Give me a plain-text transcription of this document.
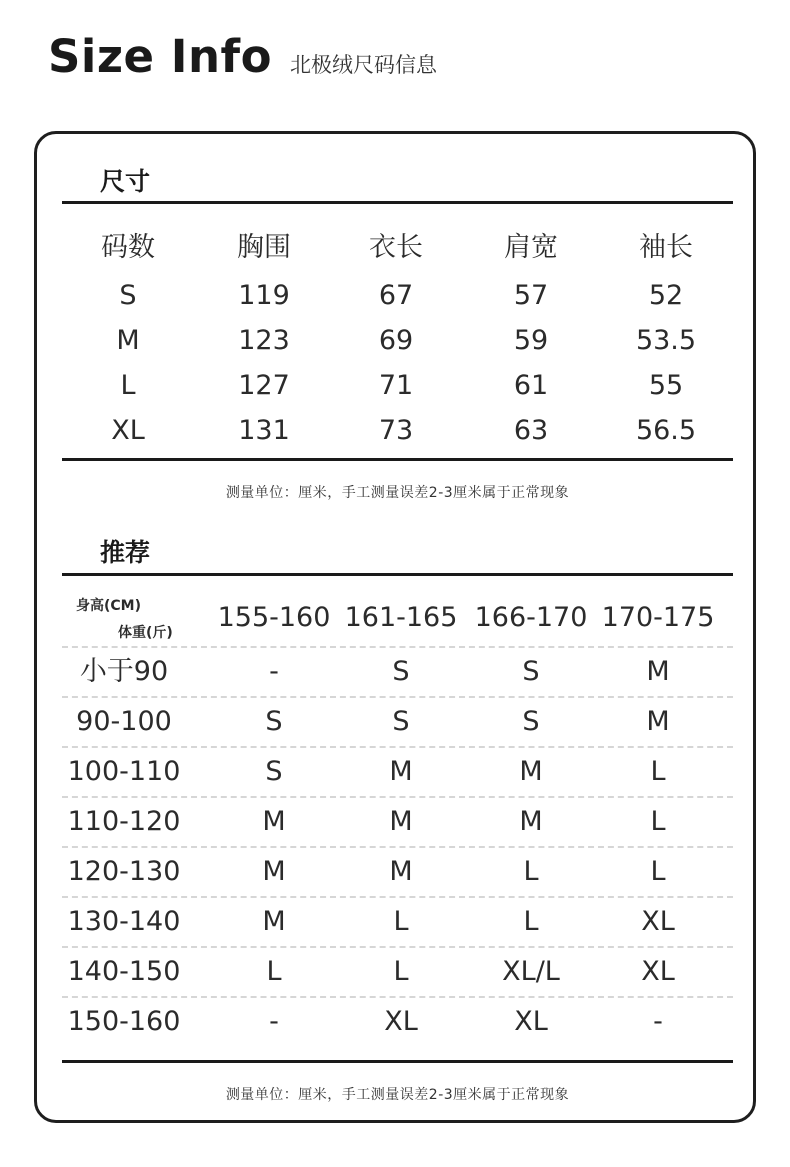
Size Info 北极绒尺码信息
尺寸
码数	胸围	衣长	肩宽	袖长
S	119	67	57	52
M	123	69	59	53.5
L	127	71	61	55
XL	131	73	63	56.5
测量单位：厘米，手工测量误差2-3厘米属于正常现象
推荐
身高(CM)
体重(斤)	155-160 161-165 166-170 170-175
小于90	-	S	S	M
90-100	S	S	S	M
100-110	S	M	M	L
110-120	M	M	M	L
120-130	M	M	L	L
130-140	M	L	L	XL
140-150	L	L	XL/L	XL
150-160	-	XL	XL	-
测量单位：厘米，手工测量误差2-3厘米属于正常现象
